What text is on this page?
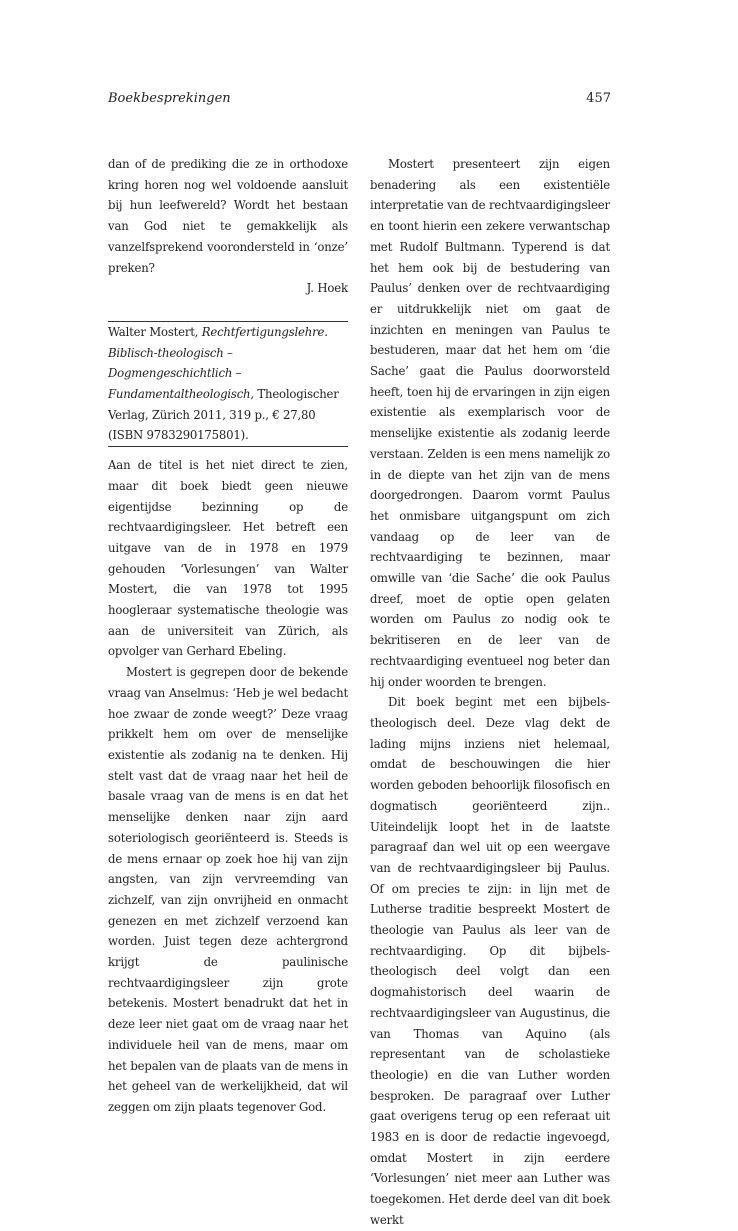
Boekbesprekingen	457

dan of de prediking die ze in orthodoxe kring horen nog wel voldoende aansluit bij hun leefwereld? Wordt het bestaan van God niet te gemakkelijk als vanzelfsprekend voorondersteld in ‘onze’ preken?

J. Hoek

Walter Mostert, Rechtfertigungslehre. Biblisch-theologisch – Dogmengeschichtlich – Fundamentaltheologisch, Theologischer Verlag, Zürich 2011, 319 p., € 27,80
(ISBN 9783290175801).

Aan de titel is het niet direct te zien, maar dit boek biedt geen nieuwe eigentijdse bezinning op de rechtvaardigingsleer. Het betreft een uitgave van de in 1978 en 1979 gehouden ‘Vorlesungen’ van Walter Mostert, die van 1978 tot 1995 hoogleraar systematische theologie was aan de universiteit van Zürich, als opvolger van Gerhard Ebeling.

Mostert is gegrepen door de bekende vraag van Anselmus: ‘Heb je wel bedacht hoe zwaar de zonde weegt?’ Deze vraag prikkelt hem om over de menselijke existentie als zodanig na te denken. Hij stelt vast dat de vraag naar het heil de basale vraag van de mens is en dat het menselijke denken naar zijn aard soteriologisch georiënteerd is. Steeds is de mens ernaar op zoek hoe hij van zijn angsten, van zijn vervreemding van zichzelf, van zijn onvrijheid en onmacht genezen en met zichzelf verzoend kan worden. Juist tegen deze achtergrond krijgt de paulinische rechtvaardigingsleer zijn grote betekenis. Mostert benadrukt dat het in deze leer niet gaat om de vraag naar het individuele heil van de mens, maar om het bepalen van de plaats van de mens in het geheel van de werkelijkheid, dat wil zeggen om zijn plaats tegenover God.

Mostert presenteert zijn eigen benadering als een existentiële interpretatie van de rechtvaardigingsleer en toont hierin een zekere verwantschap met Rudolf Bultmann. Typerend is dat het hem ook bij de bestudering van Paulus’ denken over de rechtvaardiging er uitdrukkelijk niet om gaat de inzichten en meningen van Paulus te bestuderen, maar dat het hem om ‘die Sache’ gaat die Paulus doorworsteld heeft, toen hij de ervaringen in zijn eigen existentie als exemplarisch voor de menselijke existentie als zodanig leerde verstaan. Zelden is een mens namelijk zo in de diepte van het zijn van de mens doorgedrongen. Daarom vormt Paulus het onmisbare uitgangspunt om zich vandaag op de leer van de rechtvaardiging te bezinnen, maar omwille van ‘die Sache’ die ook Paulus dreef, moet de optie open gelaten worden om Paulus zo nodig ook te bekritiseren en de leer van de rechtvaardiging eventueel nog beter dan hij onder woorden te brengen.

Dit boek begint met een bijbels-theologisch deel. Deze vlag dekt de lading mijns inziens niet helemaal, omdat de beschouwingen die hier worden geboden behoorlijk filosofisch en dogmatisch georiënteerd zijn.. Uiteindelijk loopt het in de laatste paragraaf dan wel uit op een weergave van de rechtvaardigingsleer bij Paulus. Of om precies te zijn: in lijn met de Lutherse traditie bespreekt Mostert de theologie van Paulus als leer van de rechtvaardiging. Op dit bijbels-theologisch deel volgt dan een dogmahistorisch deel waarin de rechtvaardigingsleer van Augustinus, die van Thomas van Aquino (als representant van de scholastieke theologie) en die van Luther worden besproken. De paragraaf over Luther gaat overigens terug op een referaat uit 1983 en is door de redactie ingevoegd, omdat Mostert in zijn eerdere ‘Vorlesungen’ niet meer aan Luther was toegekomen. Het derde deel van dit boek werkt
